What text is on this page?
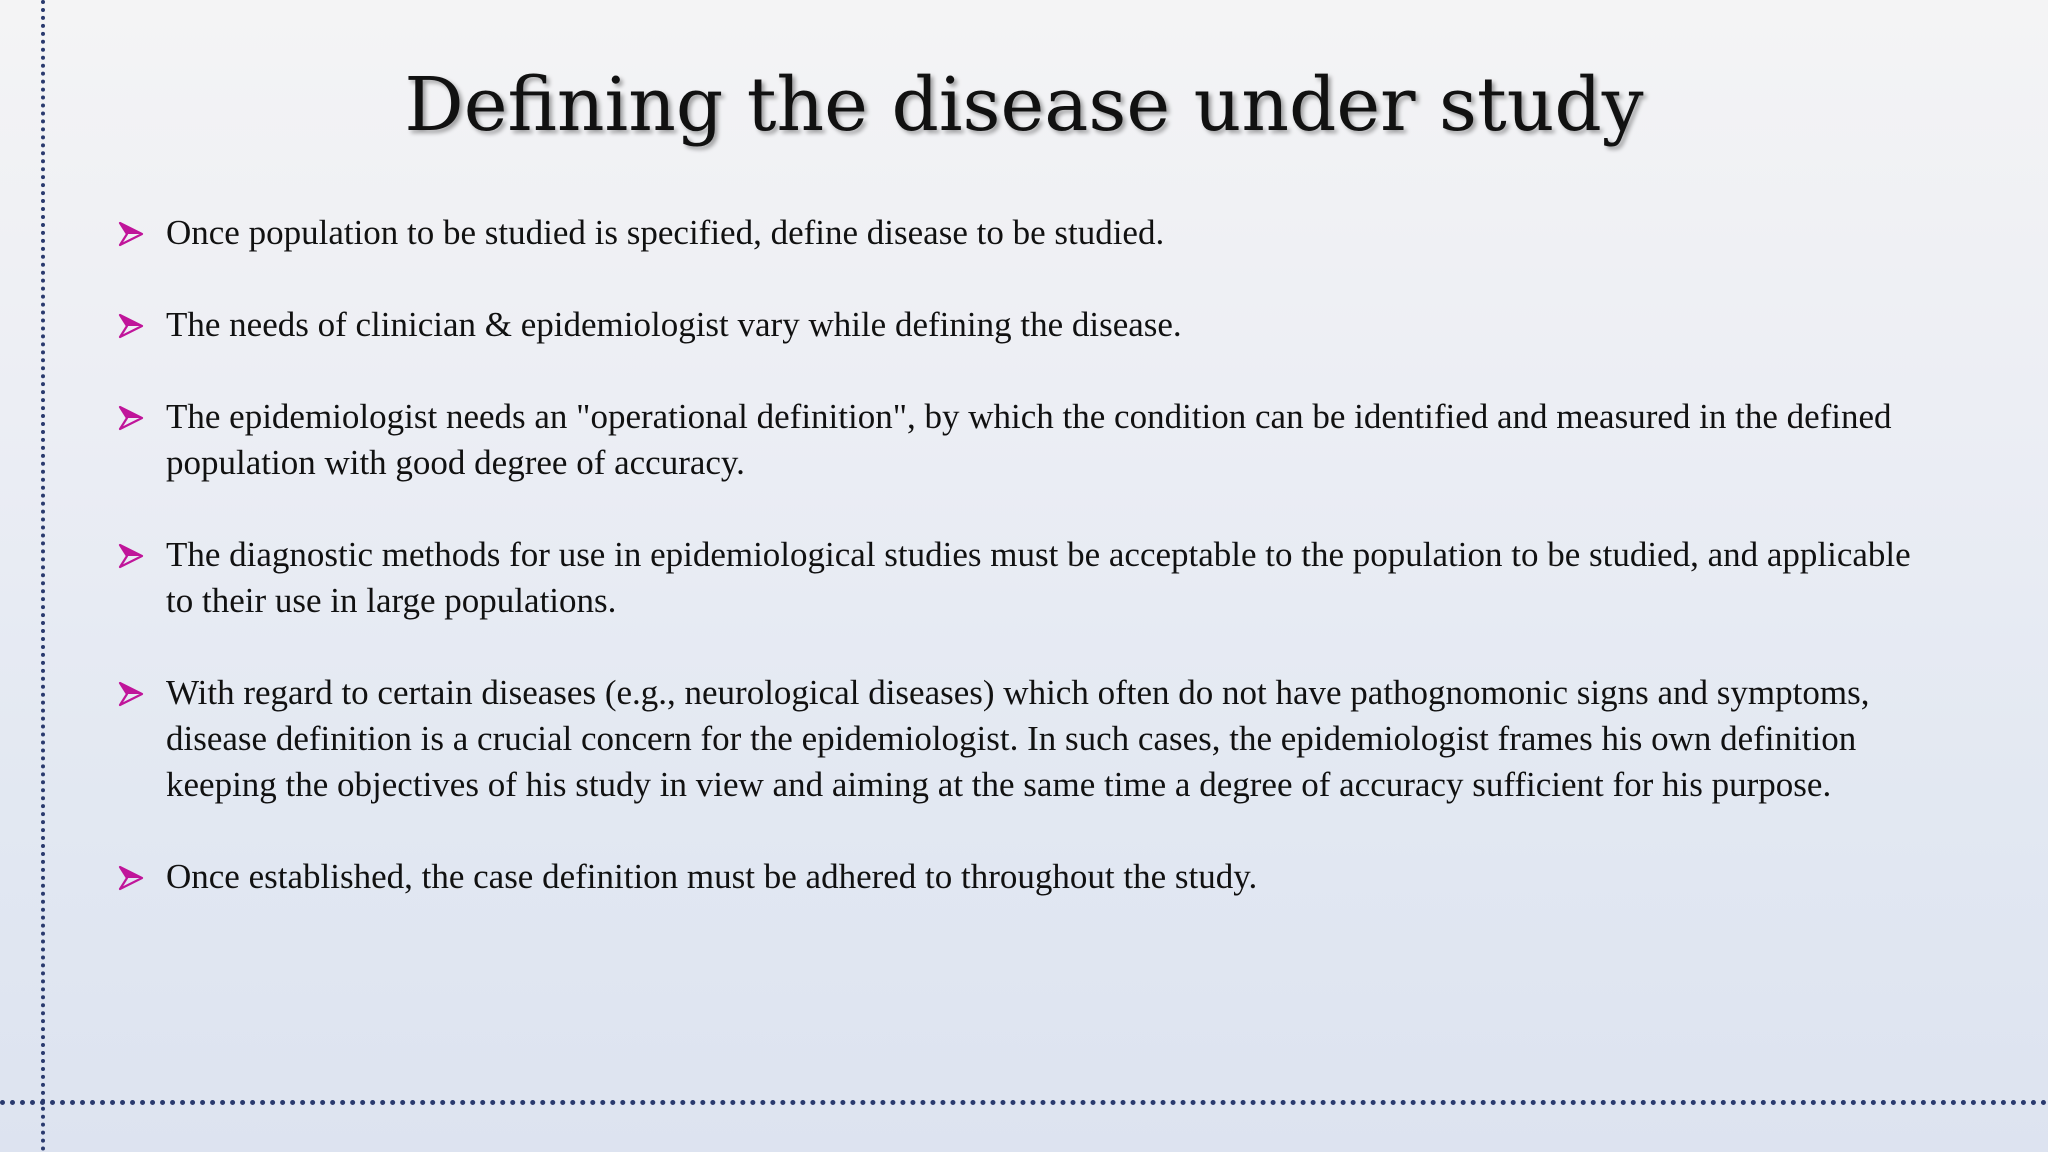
Defining the disease under study
Once population to be studied is specified, define disease to be studied.
The needs of clinician & epidemiologist vary while defining the disease.
The epidemiologist needs an "operational definition", by which the condition can be identified and measured in the defined population with good degree of accuracy.
The diagnostic methods for use in epidemiological studies must be acceptable to the population to be studied, and applicable to their use in large populations.
With regard to certain diseases (e.g., neurological diseases) which often do not have pathognomonic signs and symptoms, disease definition is a crucial concern for the epidemiologist. In such cases, the epidemiologist frames his own definition keeping the objectives of his study in view and aiming at the same time a degree of accuracy sufficient for his purpose.
Once established, the case definition must be adhered to throughout the study.
